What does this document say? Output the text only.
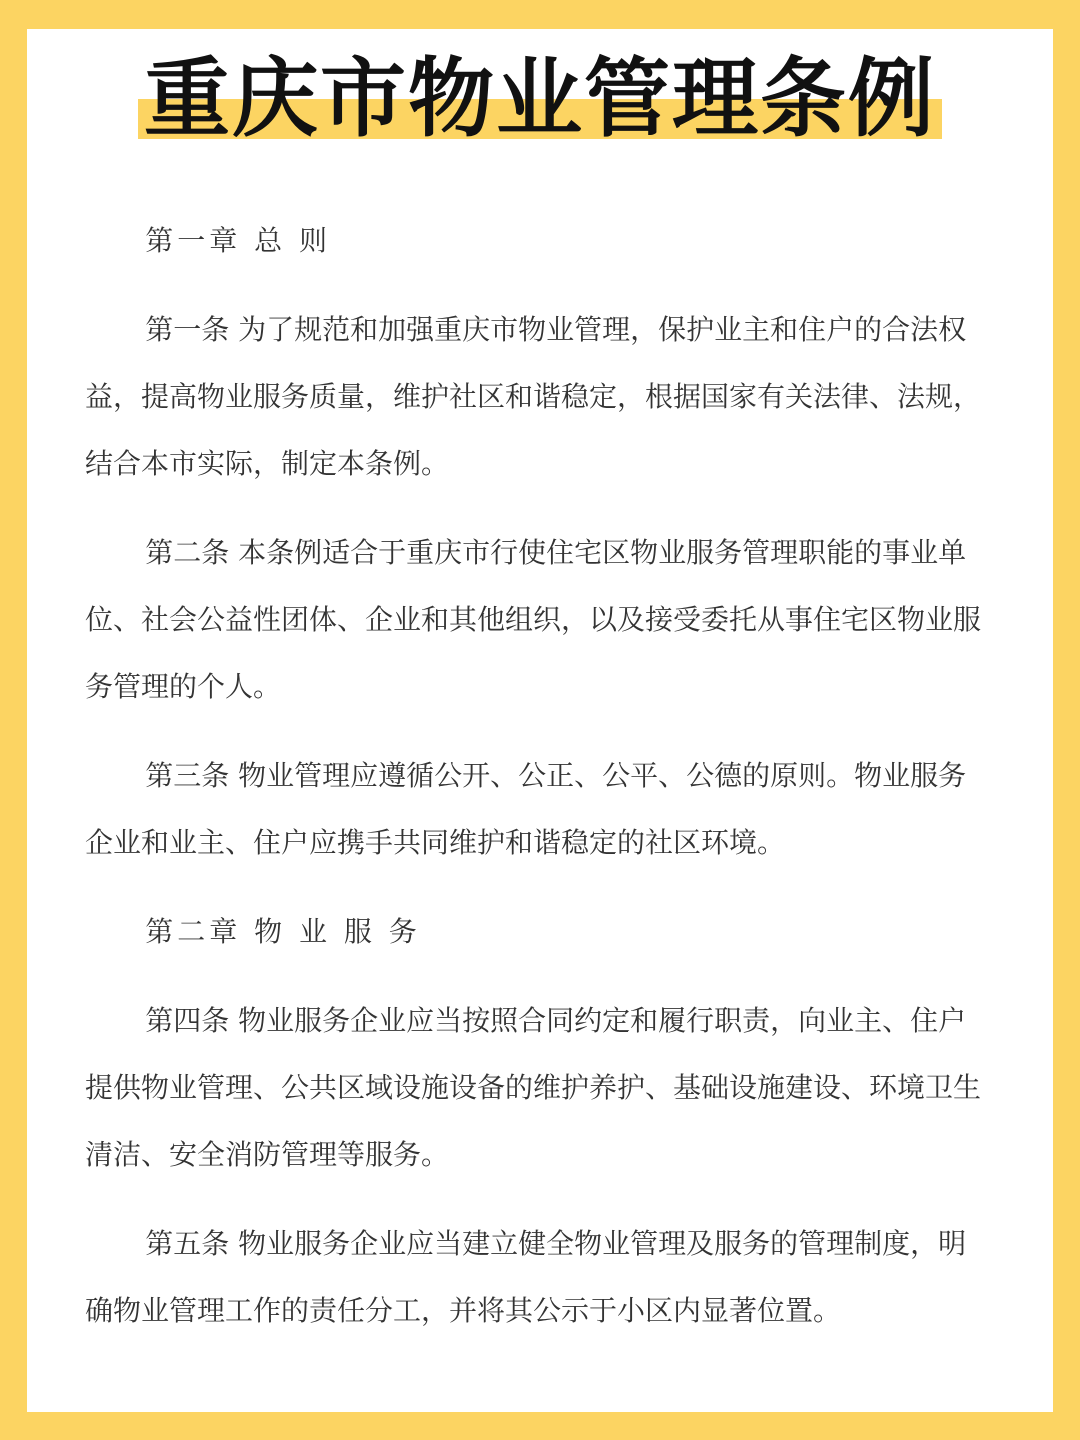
重庆市物业管理条例

第一章 总 则

第一条 为了规范和加强重庆市物业管理，保护业主和住户的合法权益，提高物业服务质量，维护社区和谐稳定，根据国家有关法律、法规，结合本市实际，制定本条例。

第二条 本条例适合于重庆市行使住宅区物业服务管理职能的事业单位、社会公益性团体、企业和其他组织，以及接受委托从事住宅区物业服务管理的个人。

第三条 物业管理应遵循公开、公正、公平、公德的原则。物业服务企业和业主、住户应携手共同维护和谐稳定的社区环境。

第二章 物 业 服 务

第四条 物业服务企业应当按照合同约定和履行职责，向业主、住户提供物业管理、公共区域设施设备的维护养护、基础设施建设、环境卫生清洁、安全消防管理等服务。

第五条 物业服务企业应当建立健全物业管理及服务的管理制度，明确物业管理工作的责任分工，并将其公示于小区内显著位置。
